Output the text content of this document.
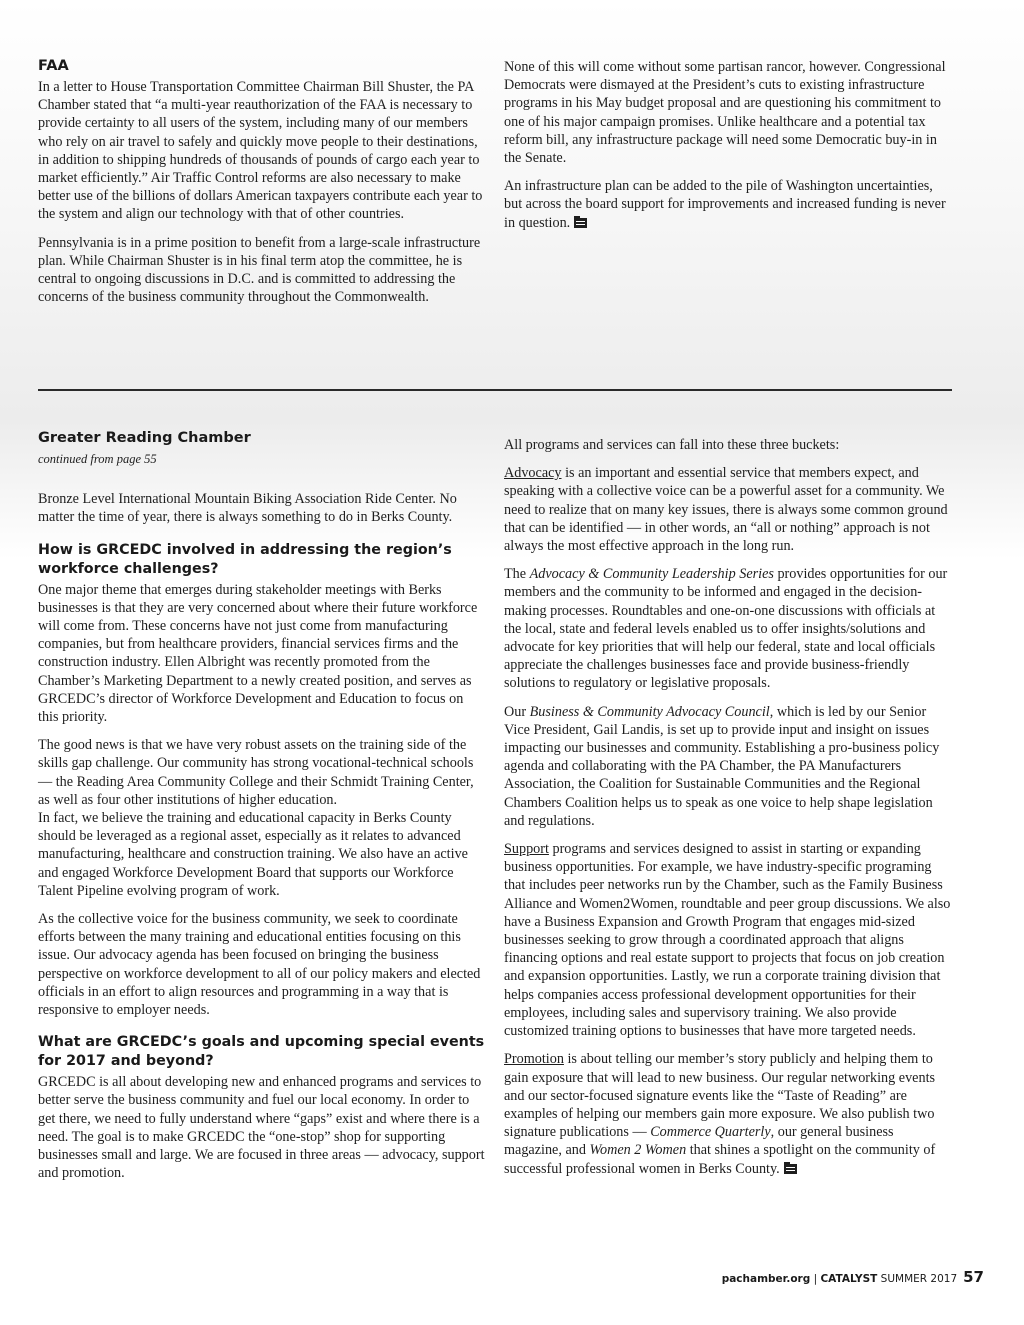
FAA

In a letter to House Transportation Committee Chairman Bill Shuster, the PA Chamber stated that “a multi-year reauthorization of the FAA is necessary to provide certainty to all users of the system, including many of our members who rely on air travel to safely and quickly move people to their destinations, in addition to shipping hundreds of thousands of pounds of cargo each year to market efficiently.” Air Traffic Control reforms are also necessary to make better use of the billions of dollars American taxpayers contribute each year to the system and align our technology with that of other countries.

Pennsylvania is in a prime position to benefit from a large-scale infrastructure plan. While Chairman Shuster is in his final term atop the committee, he is central to ongoing discussions in D.C. and is committed to addressing the concerns of the business community throughout the Commonwealth.

None of this will come without some partisan rancor, however. Congressional Democrats were dismayed at the President’s cuts to existing infrastructure programs in his May budget proposal and are questioning his commitment to one of his major campaign promises. Unlike healthcare and a potential tax reform bill, any infrastructure package will need some Democratic buy-in in the Senate.

An infrastructure plan can be added to the pile of Washington uncertainties, but across the board support for improvements and increased funding is never in question.

Greater Reading Chamber

continued from page 55

Bronze Level International Mountain Biking Association Ride Center. No matter the time of year, there is always something to do in Berks County.

How is GRCEDC involved in addressing the region’s workforce challenges?

One major theme that emerges during stakeholder meetings with Berks businesses is that they are very concerned about where their future workforce will come from. These concerns have not just come from manufacturing companies, but from healthcare providers, financial services firms and the construction industry. Ellen Albright was recently promoted from the Chamber’s Marketing Department to a newly created position, and serves as GRCEDC’s director of Workforce Development and Education to focus on this priority.

The good news is that we have very robust assets on the training side of the skills gap challenge. Our community has strong vocational-technical schools — the Reading Area Community College and their Schmidt Training Center, as well as four other institutions of higher education.
In fact, we believe the training and educational capacity in Berks County should be leveraged as a regional asset, especially as it relates to advanced manufacturing, healthcare and construction training. We also have an active and engaged Workforce Development Board that supports our Workforce Talent Pipeline evolving program of work.

As the collective voice for the business community, we seek to coordinate efforts between the many training and educational entities focusing on this issue. Our advocacy agenda has been focused on bringing the business perspective on workforce development to all of our policy makers and elected officials in an effort to align resources and programming in a way that is responsive to employer needs.

What are GRCEDC’s goals and upcoming special events for 2017 and beyond?

GRCEDC is all about developing new and enhanced programs and services to better serve the business community and fuel our local economy. In order to get there, we need to fully understand where “gaps” exist and where there is a need. The goal is to make GRCEDC the “one-stop” shop for supporting businesses small and large. We are focused in three areas — advocacy, support and promotion.

All programs and services can fall into these three buckets:

Advocacy is an important and essential service that members expect, and speaking with a collective voice can be a powerful asset for a community. We need to realize that on many key issues, there is always some common ground that can be identified — in other words, an “all or nothing” approach is not always the most effective approach in the long run.

The Advocacy & Community Leadership Series provides opportunities for our members and the community to be informed and engaged in the decision-making processes. Roundtables and one-on-one discussions with officials at the local, state and federal levels enabled us to offer insights/solutions and advocate for key priorities that will help our federal, state and local officials appreciate the challenges businesses face and provide business-friendly solutions to regulatory or legislative proposals.

Our Business & Community Advocacy Council, which is led by our Senior Vice President, Gail Landis, is set up to provide input and insight on issues impacting our businesses and community. Establishing a pro-business policy agenda and collaborating with the PA Chamber, the PA Manufacturers Association, the Coalition for Sustainable Communities and the Regional Chambers Coalition helps us to speak as one voice to help shape legislation and regulations.

Support programs and services designed to assist in starting or expanding business opportunities. For example, we have industry-specific programing that includes peer networks run by the Chamber, such as the Family Business Alliance and Women2Women, roundtable and peer group discussions. We also have a Business Expansion and Growth Program that engages mid-sized businesses seeking to grow through a coordinated approach that aligns financing options and real estate support to projects that focus on job creation and expansion opportunities. Lastly, we run a corporate training division that helps companies access professional development opportunities for their employees, including sales and supervisory training. We also provide customized training options to businesses that have more targeted needs.

Promotion is about telling our member’s story publicly and helping them to gain exposure that will lead to new business. Our regular networking events and our sector-focused signature events like the “Taste of Reading” are examples of helping our members gain more exposure. We also publish two signature publications — Commerce Quarterly, our general business magazine, and Women 2 Women that shines a spotlight on the community of successful professional women in Berks County.

pachamber.org | CATALYST SUMMER 2017 57
